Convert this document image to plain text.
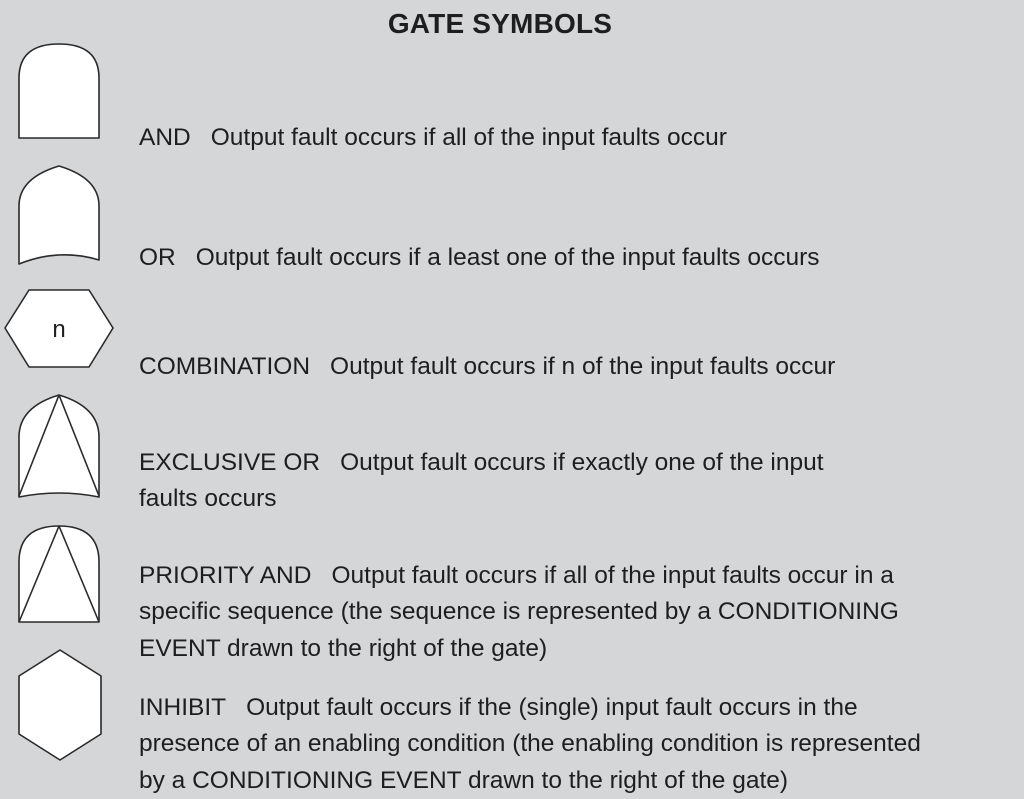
GATE SYMBOLS

AND Output fault occurs if all of the input faults occur

OR Output fault occurs if a least one of the input faults occurs

n

COMBINATION Output fault occurs if n of the input faults occur

EXCLUSIVE OR Output fault occurs if exactly one of the input
faults occurs

PRIORITY AND Output fault occurs if all of the input faults occur in a
specific sequence (the sequence is represented by a CONDITIONING
EVENT drawn to the right of the gate)

INHIBIT Output fault occurs if the (single) input fault occurs in the
presence of an enabling condition (the enabling condition is represented
by a CONDITIONING EVENT drawn to the right of the gate)
